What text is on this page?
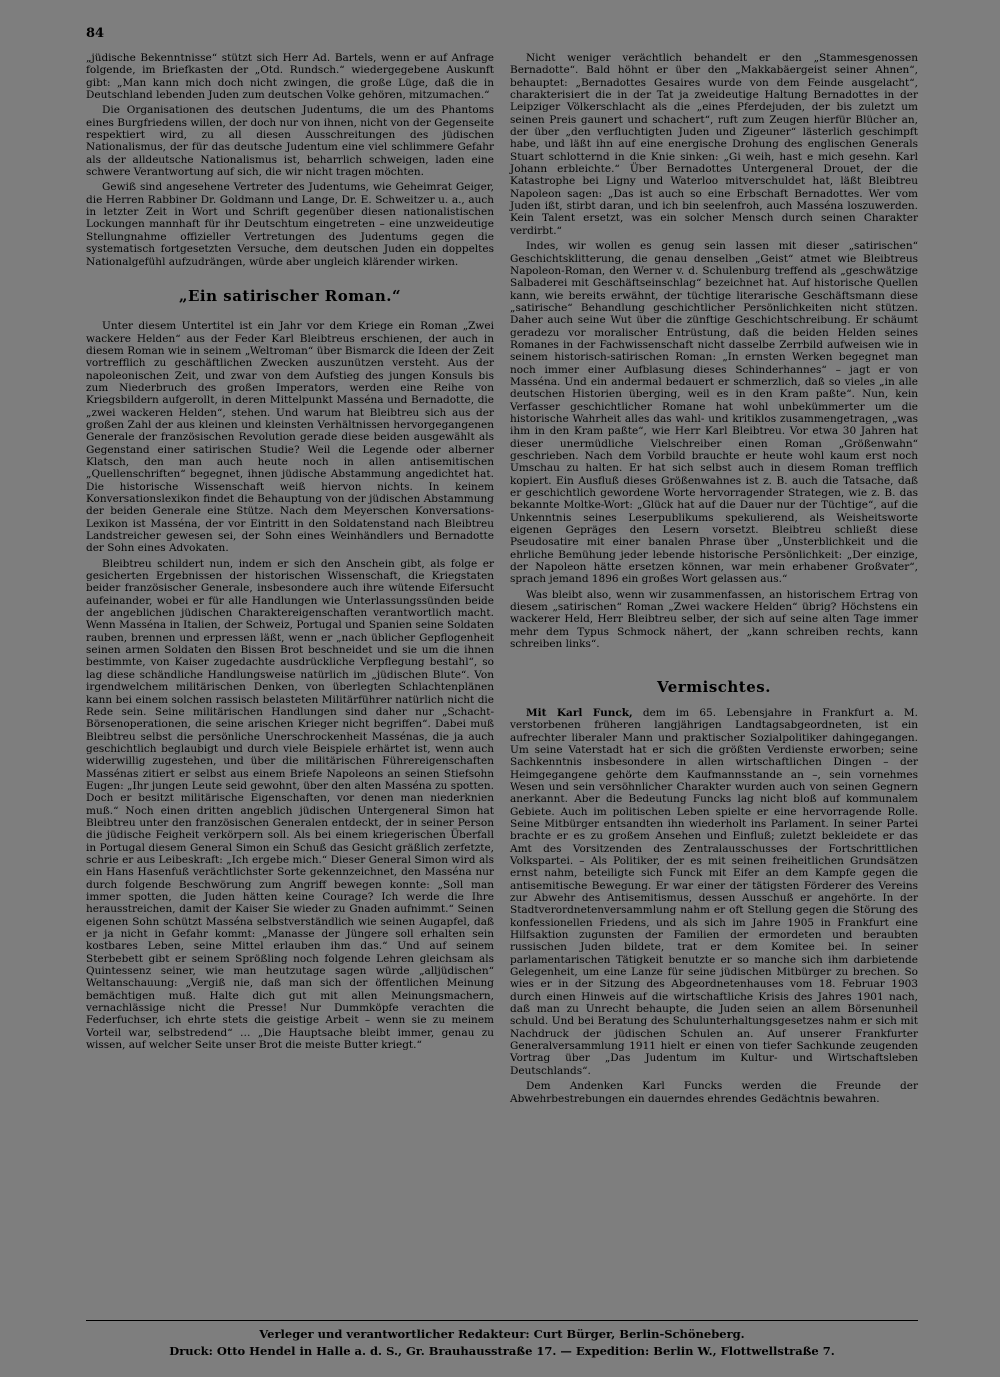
84

„jüdische Bekenntnisse“ stützt sich Herr Ad. Bartels, wenn er auf Anfrage folgende, im Briefkasten der „Otd. Rundsch.“ wiedergegebene Auskunft gibt: „Man kann mich doch nicht zwingen, die große Lüge, daß die in Deutschland lebenden Juden zum deutschen Volke gehören, mitzumachen.“

Die Organisationen des deutschen Judentums, die um des Phantoms eines Burgfriedens willen, der doch nur von ihnen, nicht von der Gegenseite respektiert wird, zu all diesen Ausschreitungen des jüdischen Nationalismus, der für das deutsche Judentum eine viel schlimmere Gefahr als der alldeutsche Nationalismus ist, beharrlich schweigen, laden eine schwere Verantwortung auf sich, die wir nicht tragen möchten.

Gewiß sind angesehene Vertreter des Judentums, wie Geheimrat Geiger, die Herren Rabbiner Dr. Goldmann und Lange, Dr. E. Schweitzer u. a., auch in letzter Zeit in Wort und Schrift gegenüber diesen nationalistischen Lockungen mannhaft für ihr Deutschtum eingetreten – eine unzweideutige Stellungnahme offizieller Vertretungen des Judentums gegen die systematisch fortgesetzten Versuche, dem deutschen Juden ein doppeltes Nationalgefühl aufzudrängen, würde aber ungleich klärender wirken.

„Ein satirischer Roman.“

Unter diesem Untertitel ist ein Jahr vor dem Kriege ein Roman „Zwei wackere Helden“ aus der Feder Karl Bleibtreus erschienen, der auch in diesem Roman wie in seinem „Weltroman“ über Bismarck die Ideen der Zeit vortrefflich zu geschäftlichen Zwecken auszunützen versteht. Aus der napoleonischen Zeit, und zwar von dem Aufstieg des jungen Konsuls bis zum Niederbruch des großen Imperators, werden eine Reihe von Kriegsbildern aufgerollt, in deren Mittelpunkt Masséna und Bernadotte, die „zwei wackeren Helden“, stehen. Und warum hat Bleibtreu sich aus der großen Zahl der aus kleinen und kleinsten Verhältnissen hervorgegangenen Generale der französischen Revolution gerade diese beiden ausgewählt als Gegenstand einer satirischen Studie? Weil die Legende oder alberner Klatsch, den man auch heute noch in allen antisemitischen „Quellenschriften“ begegnet, ihnen jüdische Abstammung angedichtet hat. Die historische Wissenschaft weiß hiervon nichts. In keinem Konversationslexikon findet die Behauptung von der jüdischen Abstammung der beiden Generale eine Stütze. Nach dem Meyerschen Konversations-Lexikon ist Masséna, der vor Eintritt in den Soldatenstand nach Bleibtreu Landstreicher gewesen sei, der Sohn eines Weinhändlers und Bernadotte der Sohn eines Advokaten.

Bleibtreu schildert nun, indem er sich den Anschein gibt, als folge er gesicherten Ergebnissen der historischen Wissenschaft, die Kriegstaten beider französischer Generale, insbesondere auch ihre wütende Eifersucht aufeinander, wobei er für alle Handlungen wie Unterlassungssünden beide der angeblichen jüdischen Charaktereigenschaften verantwortlich macht. Wenn Masséna in Italien, der Schweiz, Portugal und Spanien seine Soldaten rauben, brennen und erpressen läßt, wenn er „nach üblicher Gepflogenheit seinen armen Soldaten den Bissen Brot beschneidet und sie um die ihnen bestimmte, von Kaiser zugedachte ausdrückliche Verpflegung bestahl“, so lag diese schändliche Handlungsweise natürlich im „jüdischen Blute“. Von irgendwelchem militärischen Denken, von überlegten Schlachtenplänen kann bei einem solchen rassisch belasteten Militärführer natürlich nicht die Rede sein. Seine militärischen Handlungen sind daher nur „Schacht-Börsenoperationen, die seine arischen Krieger nicht begriffen“. Dabei muß Bleibtreu selbst die persönliche Unerschrockenheit Massénas, die ja auch geschichtlich beglaubigt und durch viele Beispiele erhärtet ist, wenn auch widerwillig zugestehen, und über die militärischen Führereigenschaften Massénas zitiert er selbst aus einem Briefe Napoleons an seinen Stiefsohn Eugen: „Ihr jungen Leute seid gewohnt, über den alten Masséna zu spotten. Doch er besitzt militärische Eigenschaften, vor denen man niederknien muß.“ Noch einen dritten angeblich jüdischen Untergeneral Simon hat Bleibtreu unter den französischen Generalen entdeckt, der in seiner Person die jüdische Feigheit verkörpern soll. Als bei einem kriegerischen Überfall in Portugal diesem General Simon ein Schuß das Gesicht gräßlich zerfetzte, schrie er aus Leibeskraft: „Ich ergebe mich.“ Dieser General Simon wird als ein Hans Hasenfuß verächtlichster Sorte gekennzeichnet, den Masséna nur durch folgende Beschwörung zum Angriff bewegen konnte: „Soll man immer spotten, die Juden hätten keine Courage? Ich werde die Ihre herausstreichen, damit der Kaiser Sie wieder zu Gnaden aufnimmt.“ Seinen eigenen Sohn schützt Masséna selbstverständlich wie seinen Augapfel, daß er ja nicht in Gefahr kommt: „Manasse der Jüngere soll erhalten sein kostbares Leben, seine Mittel erlauben ihm das.“ Und auf seinem Sterbebett gibt er seinem Sprößling noch folgende Lehren gleichsam als Quintessenz seiner, wie man heutzutage sagen würde „alljüdischen“ Weltanschauung: „Vergiß nie, daß man sich der öffentlichen Meinung bemächtigen muß. Halte dich gut mit allen Meinungsmachern, vernachlässige nicht die Presse! Nur Dummköpfe verachten die Federfuchser, ich ehrte stets die geistige Arbeit – wenn sie zu meinem Vorteil war, selbstredend“ … „Die Hauptsache bleibt immer, genau zu wissen, auf welcher Seite unser Brot die meiste Butter kriegt.“

Nicht weniger verächtlich behandelt er den „Stammesgenossen Bernadotte“. Bald höhnt er über den „Makkabäergeist seiner Ahnen“, behauptet: „Bernadottes Gesaires wurde von dem Feinde ausgelacht“, charakterisiert die in der Tat ja zweideutige Haltung Bernadottes in der Leipziger Völkerschlacht als die „eines Pferdejuden, der bis zuletzt um seinen Preis gaunert und schachert“, ruft zum Zeugen hierfür Blücher an, der über „den verfluchtigten Juden und Zigeuner“ lästerlich geschimpft habe, und läßt ihn auf eine energische Drohung des englischen Generals Stuart schlotternd in die Knie sinken: „Gi weih, hast e mich gesehn. Karl Johann erbleichte.“ Über Bernadottes Untergeneral Drouet, der die Katastrophe bei Ligny und Waterloo mitverschuldet hat, läßt Bleibtreu Napoleon sagen: „Das ist auch so eine Erbschaft Bernadottes. Wer vom Juden ißt, stirbt daran, und ich bin seelenfroh, auch Masséna loszuwerden. Kein Talent ersetzt, was ein solcher Mensch durch seinen Charakter verdirbt.“

Indes, wir wollen es genug sein lassen mit dieser „satirischen“ Geschichtsklitterung, die genau denselben „Geist“ atmet wie Bleibtreus Napoleon-Roman, den Werner v. d. Schulenburg treffend als „geschwätzige Salbaderei mit Geschäftseinschlag“ bezeichnet hat. Auf historische Quellen kann, wie bereits erwähnt, der tüchtige literarische Geschäftsmann diese „satirische“ Behandlung geschichtlicher Persönlichkeiten nicht stützen. Daher auch seine Wut über die zünftige Geschichtschreibung. Er schäumt geradezu vor moralischer Entrüstung, daß die beiden Helden seines Romanes in der Fachwissenschaft nicht dasselbe Zerrbild aufweisen wie in seinem historisch-satirischen Roman: „In ernsten Werken begegnet man noch immer einer Aufblasung dieses Schinderhannes“ – jagt er von Masséna. Und ein andermal bedauert er schmerzlich, daß so vieles „in alle deutschen Historien überging, weil es in den Kram paßte“. Nun, kein Verfasser geschichtlicher Romane hat wohl unbekümmerter um die historische Wahrheit alles das wahl- und kritiklos zusammengetragen, „was ihm in den Kram paßte“, wie Herr Karl Bleibtreu. Vor etwa 30 Jahren hat dieser unermüdliche Vielschreiber einen Roman „Größenwahn“ geschrieben. Nach dem Vorbild brauchte er heute wohl kaum erst noch Umschau zu halten. Er hat sich selbst auch in diesem Roman trefflich kopiert. Ein Ausfluß dieses Größenwahnes ist z. B. auch die Tatsache, daß er geschichtlich gewordene Worte hervorragender Strategen, wie z. B. das bekannte Moltke-Wort: „Glück hat auf die Dauer nur der Tüchtige“, auf die Unkenntnis seines Leserpublikums spekulierend, als Weisheitsworte eigenen Gepräges den Lesern vorsetzt. Bleibtreu schließt diese Pseudosatire mit einer banalen Phrase über „Unsterblichkeit und die ehrliche Bemühung jeder lebende historische Persönlichkeit: „Der einzige, der Napoleon hätte ersetzen können, war mein erhabener Großvater“, sprach jemand 1896 ein großes Wort gelassen aus.“

Was bleibt also, wenn wir zusammenfassen, an historischem Ertrag von diesem „satirischen“ Roman „Zwei wackere Helden“ übrig? Höchstens ein wackerer Held, Herr Bleibtreu selber, der sich auf seine alten Tage immer mehr dem Typus Schmock nähert, der „kann schreiben rechts, kann schreiben links“.

Vermischtes.

Mit Karl Funck, dem im 65. Lebensjahre in Frankfurt a. M. verstorbenen früheren langjährigen Landtagsabgeordneten, ist ein aufrechter liberaler Mann und praktischer Sozialpolitiker dahingegangen. Um seine Vaterstadt hat er sich die größten Verdienste erworben; seine Sachkenntnis insbesondere in allen wirtschaftlichen Dingen – der Heimgegangene gehörte dem Kaufmannsstande an –, sein vornehmes Wesen und sein versöhnlicher Charakter wurden auch von seinen Gegnern anerkannt. Aber die Bedeutung Funcks lag nicht bloß auf kommunalem Gebiete. Auch im politischen Leben spielte er eine hervorragende Rolle. Seine Mitbürger entsandten ihn wiederholt ins Parlament. In seiner Partei brachte er es zu großem Ansehen und Einfluß; zuletzt bekleidete er das Amt des Vorsitzenden des Zentralausschusses der Fortschrittlichen Volkspartei. – Als Politiker, der es mit seinen freiheitlichen Grundsätzen ernst nahm, beteiligte sich Funck mit Eifer an dem Kampfe gegen die antisemitische Bewegung. Er war einer der tätigsten Förderer des Vereins zur Abwehr des Antisemitismus, dessen Ausschuß er angehörte. In der Stadtverordnetenversammlung nahm er oft Stellung gegen die Störung des konfessionellen Friedens, und als sich im Jahre 1905 in Frankfurt eine Hilfsaktion zugunsten der Familien der ermordeten und beraubten russischen Juden bildete, trat er dem Komitee bei. In seiner parlamentarischen Tätigkeit benutzte er so manche sich ihm darbietende Gelegenheit, um eine Lanze für seine jüdischen Mitbürger zu brechen. So wies er in der Sitzung des Abgeordnetenhauses vom 18. Februar 1903 durch einen Hinweis auf die wirtschaftliche Krisis des Jahres 1901 nach, daß man zu Unrecht behaupte, die Juden seien an allem Börsenunheil schuld. Und bei Beratung des Schulunterhaltungsgesetzes nahm er sich mit Nachdruck der jüdischen Schulen an. Auf unserer Frankfurter Generalversammlung 1911 hielt er einen von tiefer Sachkunde zeugenden Vortrag über „Das Judentum im Kultur- und Wirtschaftsleben Deutschlands“.

Dem Andenken Karl Funcks werden die Freunde der Abwehrbestrebungen ein dauerndes ehrendes Gedächtnis bewahren.

Verleger und verantwortlicher Redakteur: Curt Bürger, Berlin-Schöneberg.
Druck: Otto Hendel in Halle a. d. S., Gr. Brauhausstraße 17. — Expedition: Berlin W., Flottwellstraße 7.
